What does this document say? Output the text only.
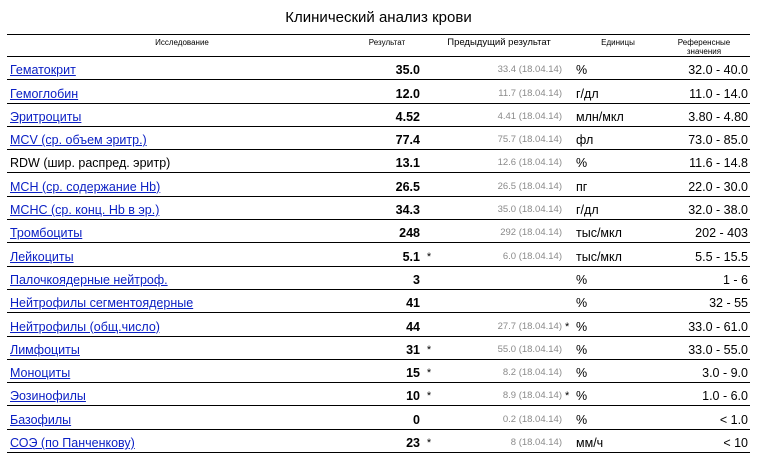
Клинический анализ крови
Исследование	Результат		Предыдущий результат		Единицы	Референсные значения
Гематокрит	35.0		33.4 (18.04.14)		%	32.0 - 40.0
Гемоглобин	12.0		11.7 (18.04.14)		г/дл	11.0 - 14.0
Эритроциты	4.52		4.41 (18.04.14)		млн/мкл	3.80 - 4.80
MCV (ср. объем эритр.)	77.4		75.7 (18.04.14)		фл	73.0 - 85.0
RDW (шир. распред. эритр)	13.1		12.6 (18.04.14)		%	11.6 - 14.8
MCH (ср. содержание Hb)	26.5		26.5 (18.04.14)		пг	22.0 - 30.0
MCHC (ср. конц. Hb в эр.)	34.3		35.0 (18.04.14)		г/дл	32.0 - 38.0
Тромбоциты	248		292 (18.04.14)		тыс/мкл	202 - 403
Лейкоциты	5.1	*	6.0 (18.04.14)		тыс/мкл	5.5 - 15.5
Палочкоядерные нейтроф.	3				%	1 - 6
Нейтрофилы сегментоядерные	41				%	32 - 55
Нейтрофилы (общ.число)	44		27.7 (18.04.14)	*	%	33.0 - 61.0
Лимфоциты	31	*	55.0 (18.04.14)		%	33.0 - 55.0
Моноциты	15	*	8.2 (18.04.14)		%	3.0 - 9.0
Эозинофилы	10	*	8.9 (18.04.14)	*	%	1.0 - 6.0
Базофилы	0		0.2 (18.04.14)		%	< 1.0
СОЭ (по Панченкову)	23	*	8 (18.04.14)		мм/ч	< 10
